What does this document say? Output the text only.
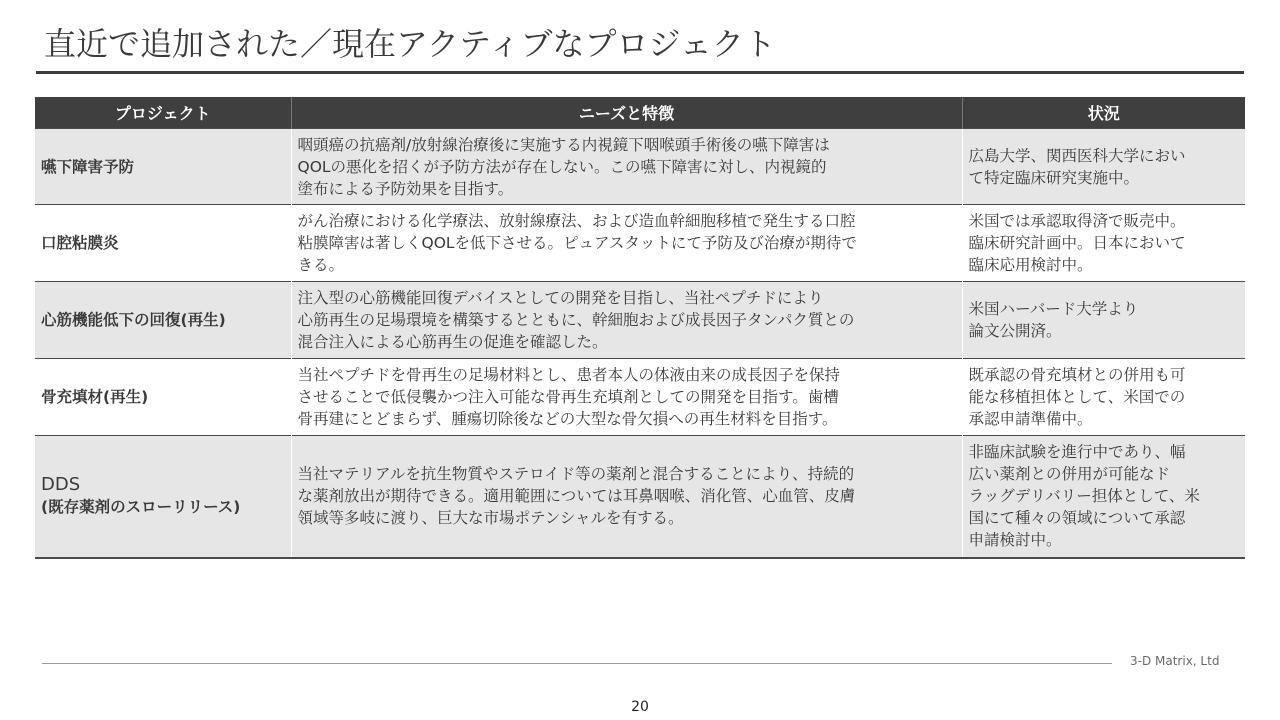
直近で追加された／現在アクティブなプロジェクト
プロジェクト	ニーズと特徴	状況

嚥下障害予防	咽頭癌の抗癌剤/放射線治療後に実施する内視鏡下咽喉頭手術後の嚥下障害は
QOLの悪化を招くが予防方法が存在しない。この嚥下障害に対し、内視鏡的
塗布による予防効果を目指す。	広島大学、関西医科大学におい
て特定臨床研究実施中。

口腔粘膜炎	がん治療における化学療法、放射線療法、および造血幹細胞移植で発生する口腔
粘膜障害は著しくQOLを低下させる。ピュアスタットにて予防及び治療が期待で
きる。	米国では承認取得済で販売中。
臨床研究計画中。日本において
臨床応用検討中。

心筋機能低下の回復(再生)	注入型の心筋機能回復デバイスとしての開発を目指し、当社ペプチドにより
心筋再生の足場環境を構築するとともに、幹細胞および成長因子タンパク質との
混合注入による心筋再生の促進を確認した。	米国ハーバード大学より
論文公開済。

骨充填材(再生)	当社ペプチドを骨再生の足場材料とし、患者本人の体液由来の成長因子を保持
させることで低侵襲かつ注入可能な骨再生充填剤としての開発を目指す。歯槽
骨再建にとどまらず、腫瘍切除後などの大型な骨欠損への再生材料を目指す。	既承認の骨充填材との併用も可
能な移植担体として、米国での
承認申請準備中。

DDS
(既存薬剤のスローリリース)	当社マテリアルを抗生物質やステロイド等の薬剤と混合することにより、持続的
な薬剤放出が期待できる。適用範囲については耳鼻咽喉、消化管、心血管、皮膚
領域等多岐に渡り、巨大な市場ポテンシャルを有する。	非臨床試験を進行中であり、幅
広い薬剤との併用が可能なド
ラッグデリバリー担体として、米
国にて種々の領域について承認
申請検討中。
3-D Matrix, Ltd
20
